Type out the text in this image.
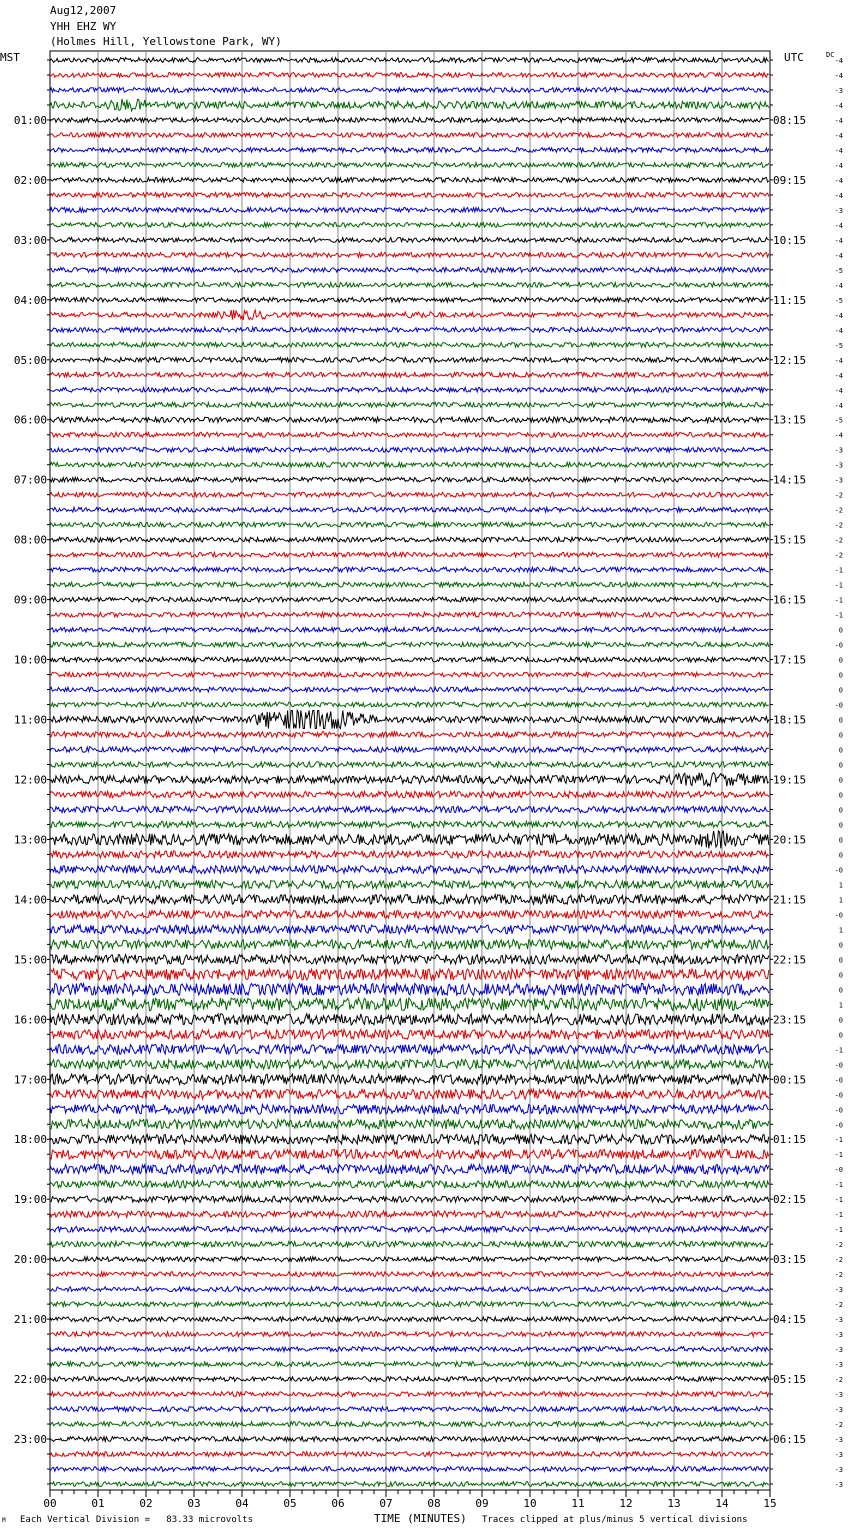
Aug12,2007
YHH EHZ WY
(Holmes Hill, Yellowstone Park, WY)
00	01	02	03	04	05	06	07	08	09	10	11	12	13	14	15
-4
-4
-3
-4
-4
-4
-4
-4
-4
-4
-3
-4
-4
-4
-5
-4
-5
-4
-4
-5
-4
-4
-4
-4
-5
-4
-3
-3
-3
-2
-2
-2
-2
-2
-1
-1
-1
-1
0
-0
0
0
0
-0
0
0
0
0
0
0
0
0
0
0
-0
1
1
-0
1
0
0
0
0
1
0
0
-1
-0
-0
-0
-0
-0
-1
-1
-0
-1
-1
-1
-1
-2
-2
-2
-3
-2
-3
-3
-3
-3
-2
-3
-3
-2
-3
-3
-3
-3
01:00	08:15
02:00	09:15
03:00	10:15
04:00	11:15
05:00	12:15
06:00	13:15
07:00	14:15
08:00	15:15
09:00	16:15
10:00	17:15
11:00	18:15
12:00	19:15
13:00	20:15
14:00	21:15
15:00	22:15
16:00	23:15
17:00	00:15
18:00	01:15
19:00	02:15
20:00	03:15
21:00	04:15
22:00	05:15
23:00	06:15
MST	UTC	DC
TIME (MINUTES)
M Each Vertical Division =   83.33 microvolts	Traces clipped at plus/minus 5 vertical divisions
